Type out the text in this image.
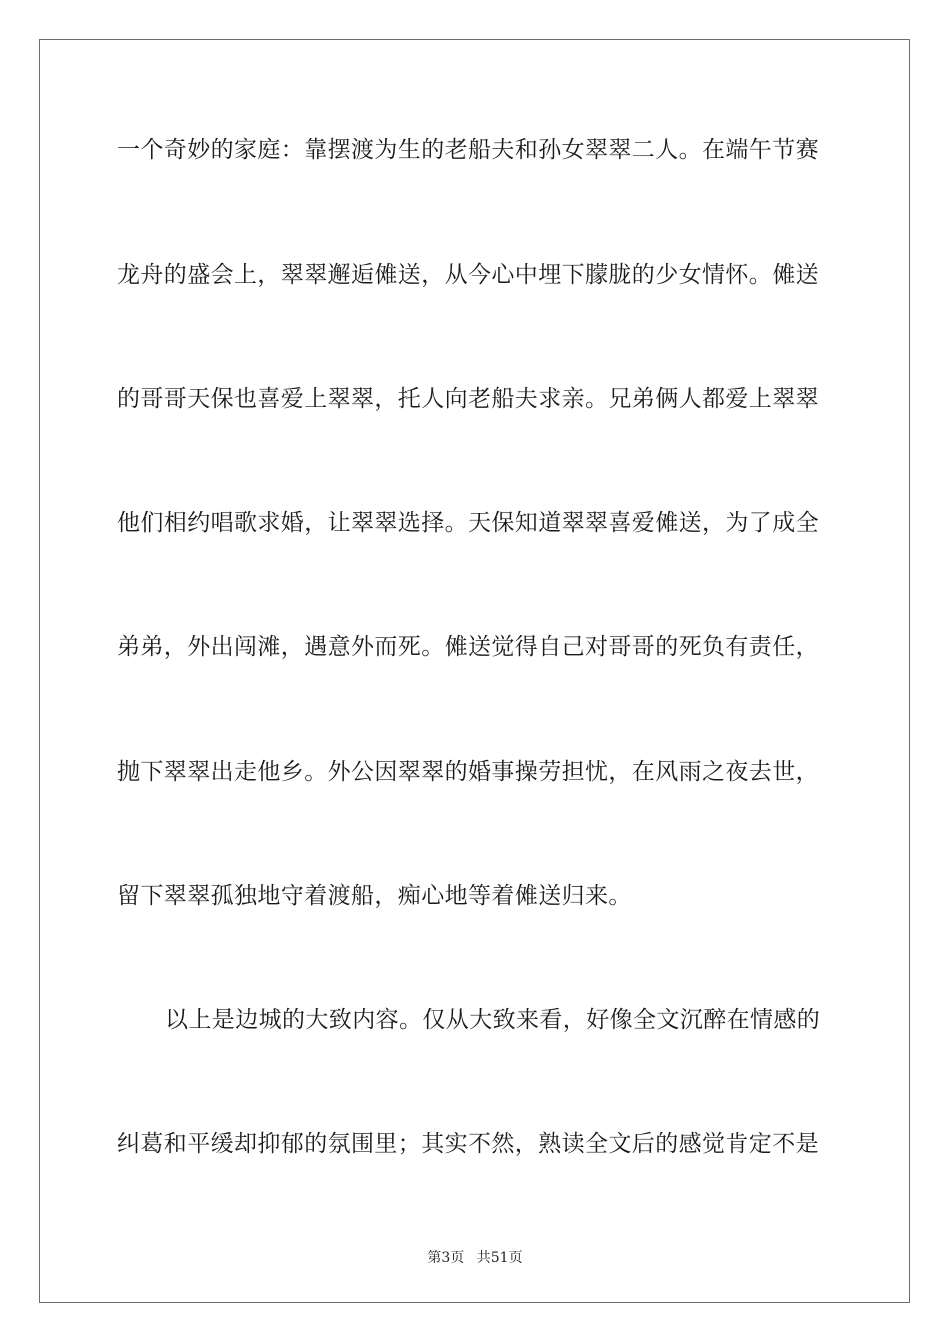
一个奇妙的家庭：靠摆渡为生的老船夫和孙女翠翠二人。在端午节赛
龙舟的盛会上，翠翠邂逅傩送，从今心中埋下朦胧的少女情怀。傩送
的哥哥天保也喜爱上翠翠，托人向老船夫求亲。兄弟俩人都爱上翠翠
他们相约唱歌求婚，让翠翠选择。天保知道翠翠喜爱傩送，为了成全
弟弟，外出闯滩，遇意外而死。傩送觉得自己对哥哥的死负有责任，
抛下翠翠出走他乡。外公因翠翠的婚事操劳担忧，在风雨之夜去世，
留下翠翠孤独地守着渡船，痴心地等着傩送归来。
以上是边城的大致内容。仅从大致来看，好像全文沉醉在情感的
纠葛和平缓却抑郁的氛围里；其实不然，熟读全文后的感觉肯定不是
第3页 共51页
